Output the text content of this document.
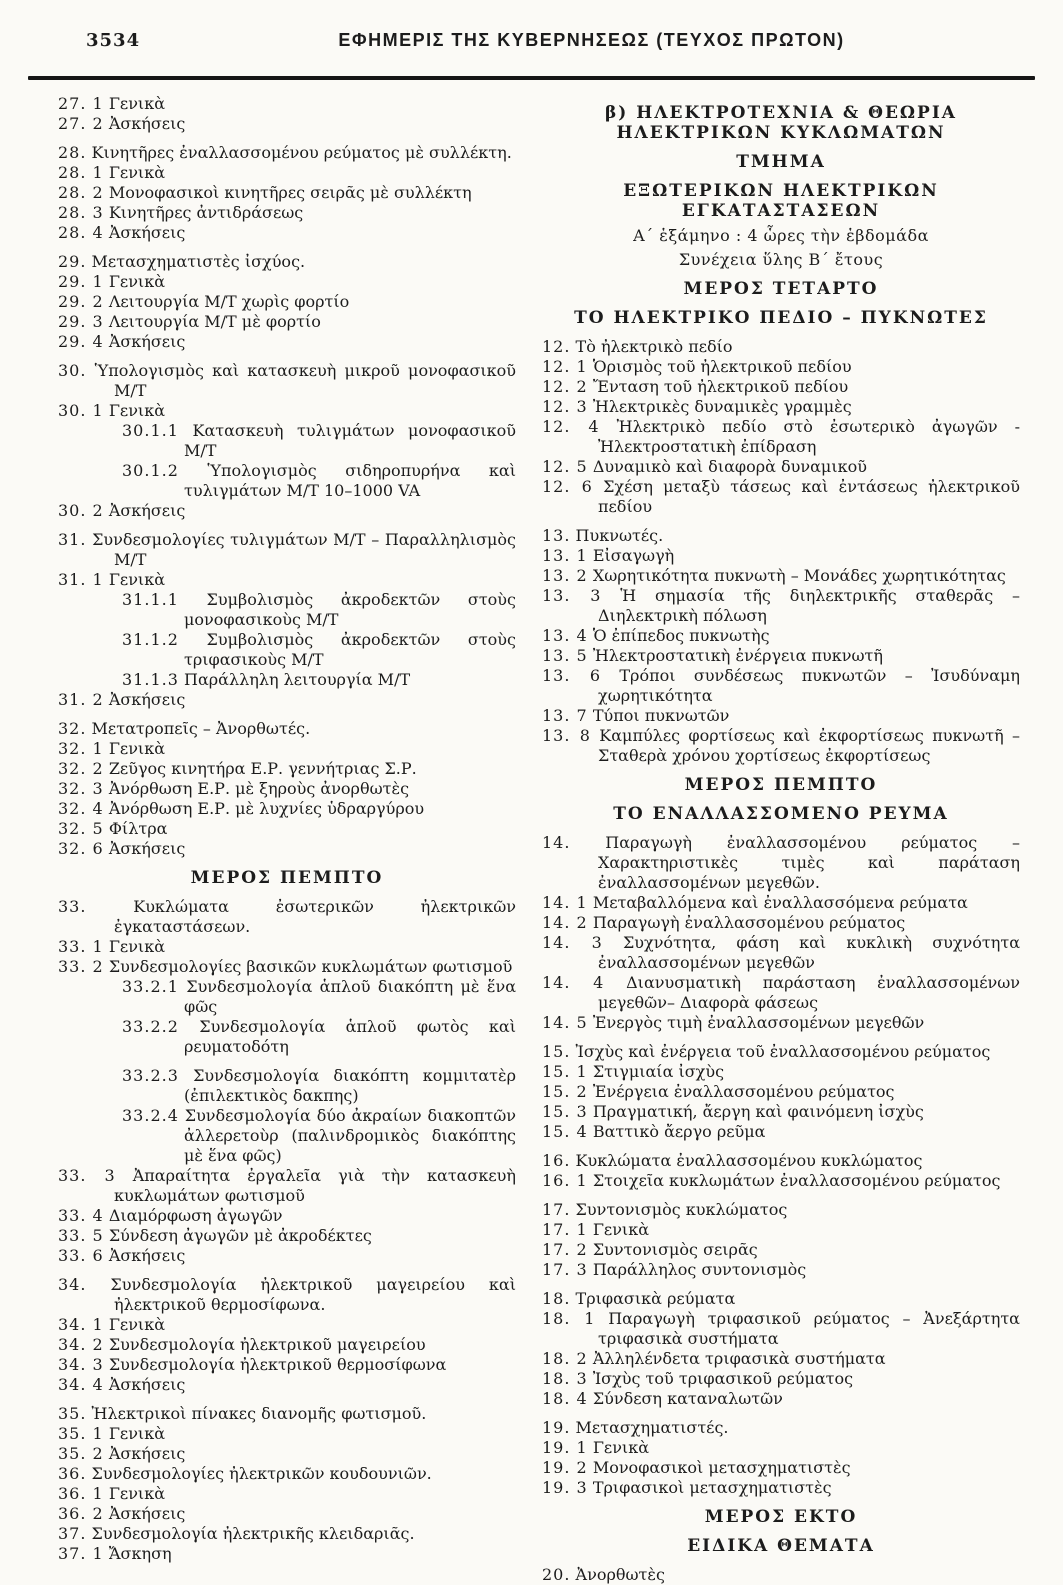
3534	ΕΦΗΜΕΡΙΣ ΤΗΣ ΚΥΒΕΡΝΗΣΕΩΣ (ΤΕΥΧΟΣ ΠΡΩΤΟΝ)
27. 1 Γενικὰ
27. 2 Ἀσκήσεις
28. Κινητῆρες ἐναλλασσομένου ρεύματος μὲ συλλέκτη.
28. 1 Γενικὰ
28. 2 Μονοφασικοὶ κινητῆρες σειρᾶς μὲ συλλέκτη
28. 3 Κινητῆρες ἀντιδράσεως
28. 4 Ἀσκήσεις
29. Μετασχηματιστὲς ἰσχύος.
29. 1 Γενικὰ
29. 2 Λειτουργία Μ/Τ χωρὶς φορτίο
29. 3 Λειτουργία Μ/Τ μὲ φορτίο
29. 4 Ἀσκήσεις
30. Ὑπολογισμὸς καὶ κατασκευὴ μικροῦ μονοφασικοῦ Μ/Τ
30. 1 Γενικὰ
30.1.1 Κατασκευὴ τυλιγμάτων μονοφασικοῦ Μ/Τ
30.1.2 Ὑπολογισμὸς σιδηροπυρήνα καὶ τυλιγμάτων Μ/Τ 10–1000 VA
30. 2 Ἀσκήσεις
31. Συνδεσμολογίες τυλιγμάτων Μ/Τ – Παραλληλισμὸς Μ/Τ
31. 1 Γενικὰ
31.1.1 Συμβολισμὸς ἀκροδεκτῶν στοὺς μονοφασικοὺς Μ/Τ
31.1.2 Συμβολισμὸς ἀκροδεκτῶν στοὺς τριφασικοὺς Μ/Τ
31.1.3 Παράλληλη λειτουργία Μ/Τ
31. 2 Ἀσκήσεις
32. Μετατροπεῖς – Ἀνορθωτές.
32. 1 Γενικὰ
32. 2 Ζεῦγος κινητήρα Ε.Ρ. γεννήτριας Σ.Ρ.
32. 3 Ἀνόρθωση Ε.Ρ. μὲ ξηροὺς ἀνορθωτὲς
32. 4 Ἀνόρθωση Ε.Ρ. μὲ λυχνίες ὑδραργύρου
32. 5 Φίλτρα
32. 6 Ἀσκήσεις
ΜΕΡΟΣ ΠΕΜΠΤΟ
33.	Κυκλώματα ἐσωτερικῶν ἠλεκτρικῶν ἐγκαταστάσεων.
33. 1 Γενικὰ
33. 2 Συνδεσμολογίες βασικῶν κυκλωμάτων φωτισμοῦ
33.2.1 Συνδεσμολογία ἁπλοῦ διακόπτη μὲ ἕνα φῶς
33.2.2 Συνδεσμολογία ἁπλοῦ φωτὸς καὶ ρευματοδότη
33.2.3 Συνδεσμολογία διακόπτη κομμιτατὲρ (ἐπιλεκτικὸς δακπης)
33.2.4 Συνδεσμολογία δύο ἀκραίων διακοπτῶν ἀλλερετοὺρ (παλινδρομικὸς διακόπτης μὲ ἕνα φῶς)
33. 3 Ἀπαραίτητα ἐργαλεῖα γιὰ τὴν κατασκευὴ κυκλωμάτων φωτισμοῦ
33. 4 Διαμόρφωση ἀγωγῶν
33. 5 Σύνδεση ἀγωγῶν μὲ ἀκροδέκτες
33. 6 Ἀσκήσεις
34. Συνδεσμολογία ἠλεκτρικοῦ μαγειρείου καὶ ἠλεκτρικοῦ θερμοσίφωνα.
34. 1 Γενικὰ
34. 2 Συνδεσμολογία ἠλεκτρικοῦ μαγειρείου
34. 3 Συνδεσμολογία ἠλεκτρικοῦ θερμοσίφωνα
34. 4 Ἀσκήσεις
35. Ἠλεκτρικοὶ πίνακες διανομῆς φωτισμοῦ.
35. 1 Γενικὰ
35. 2 Ἀσκήσεις
36. Συνδεσμολογίες ἠλεκτρικῶν κουδουνιῶν.
36. 1 Γενικὰ
36. 2 Ἀσκήσεις
37. Συνδεσμολογία ἠλεκτρικῆς κλειδαριᾶς.
37. 1 Ἄσκηση
β) ΗΛΕΚΤΡΟΤΕΧΝΙΑ & ΘΕΩΡΙΑ ΗΛΕΚΤΡΙΚΩΝ ΚΥΚΛΩΜΑΤΩΝ
ΤΜΗΜΑ
ΕΞΩΤΕΡΙΚΩΝ ΗΛΕΚΤΡΙΚΩΝ ΕΓΚΑΤΑΣΤΑΣΕΩΝ
Α΄ ἑξάμηνο : 4 ὧρες τὴν ἑβδομάδα
Συνέχεια ὕλης Β΄ ἔτους
ΜΕΡΟΣ ΤΕΤΑΡΤΟ
ΤΟ ΗΛΕΚΤΡΙΚΟ ΠΕΔΙΟ – ΠΥΚΝΩΤΕΣ
12. Τὸ ἠλεκτρικὸ πεδίο
12. 1 Ὁρισμὸς τοῦ ἠλεκτρικοῦ πεδίου
12. 2 Ἔνταση τοῦ ἠλεκτρικοῦ πεδίου
12. 3 Ἠλεκτρικὲς δυναμικὲς γραμμὲς
12. 4 Ἠλεκτρικὸ πεδίο στὸ ἐσωτερικὸ ἀγωγῶν - Ἠλεκτροστατικὴ ἐπίδραση
12. 5 Δυναμικὸ καὶ διαφορὰ δυναμικοῦ
12. 6 Σχέση μεταξὺ τάσεως καὶ ἐντάσεως ἠλεκτρικοῦ πεδίου
13. Πυκνωτές.
13. 1 Εἰσαγωγὴ
13. 2 Χωρητικότητα πυκνωτὴ – Μονάδες χωρητικότητας
13. 3 Ἡ σημασία τῆς διηλεκτρικῆς σταθερᾶς – Διηλεκτρικὴ πόλωση
13. 4 Ὁ ἐπίπεδος πυκνωτὴς
13. 5 Ἠλεκτροστατικὴ ἐνέργεια πυκνωτῆ
13. 6 Τρόποι συνδέσεως πυκνωτῶν – Ἰσυδύναμη χωρητικότητα
13. 7 Τύποι πυκνωτῶν
13. 8 Καμπύλες φορτίσεως καὶ ἐκφορτίσεως πυκνωτῆ – Σταθερὰ χρόνου χορτίσεως ἐκφορτίσεως
ΜΕΡΟΣ ΠΕΜΠΤΟ
ΤΟ ΕΝΑΛΛΑΣΣΟΜΕΝΟ ΡΕΥΜΑ
14. Παραγωγὴ ἐναλλασσομένου ρεύματος – Χαρακτηριστικὲς τιμὲς καὶ παράταση ἐναλλασσομένων μεγεθῶν.
14. 1 Μεταβαλλόμενα καὶ ἐναλλασσόμενα ρεύματα
14. 2 Παραγωγὴ ἐναλλασσομένου ρεύματος
14. 3 Συχνότητα, φάση καὶ κυκλικὴ συχνότητα ἐναλλασσομένων μεγεθῶν
14. 4 Διανυσματικὴ παράσταση ἐναλλασσομένων μεγεθῶν– Διαφορὰ φάσεως
14. 5 Ἐνεργὸς τιμὴ ἐναλλασσομένων μεγεθῶν
15. Ἰσχὺς καὶ ἐνέργεια τοῦ ἐναλλασσομένου ρεύματος
15. 1 Στιγμιαία ἰσχὺς
15. 2 Ἐνέργεια ἐναλλασσομένου ρεύματος
15. 3 Πραγματική, ἄεργη καὶ φαινόμενη ἰσχὺς
15. 4 Βαττικὸ ἄεργο ρεῦμα
16. Κυκλώματα ἐναλλασσομένου κυκλώματος
16. 1 Στοιχεῖα κυκλωμάτων ἐναλλασσομένου ρεύματος
17. Συντονισμὸς κυκλώματος
17. 1 Γενικὰ
17. 2 Συντονισμὸς σειρᾶς
17. 3 Παράλληλος συντονισμὸς
18. Τριφασικὰ ρεύματα
18. 1 Παραγωγὴ τριφασικοῦ ρεύματος – Ἀνεξάρτητα τριφασικὰ συστήματα
18. 2 Ἀλληλένδετα τριφασικὰ συστήματα
18. 3 Ἰσχὺς τοῦ τριφασικοῦ ρεύματος
18. 4 Σύνδεση καταναλωτῶν
19. Μετασχηματιστές.
19. 1 Γενικὰ
19. 2 Μονοφασικοὶ μετασχηματιστὲς
19. 3 Τριφασικοὶ μετασχηματιστὲς
ΜΕΡΟΣ ΕΚΤΟ
ΕΙΔΙΚΑ ΘΕΜΑΤΑ
20. Ἀνορθωτὲς
